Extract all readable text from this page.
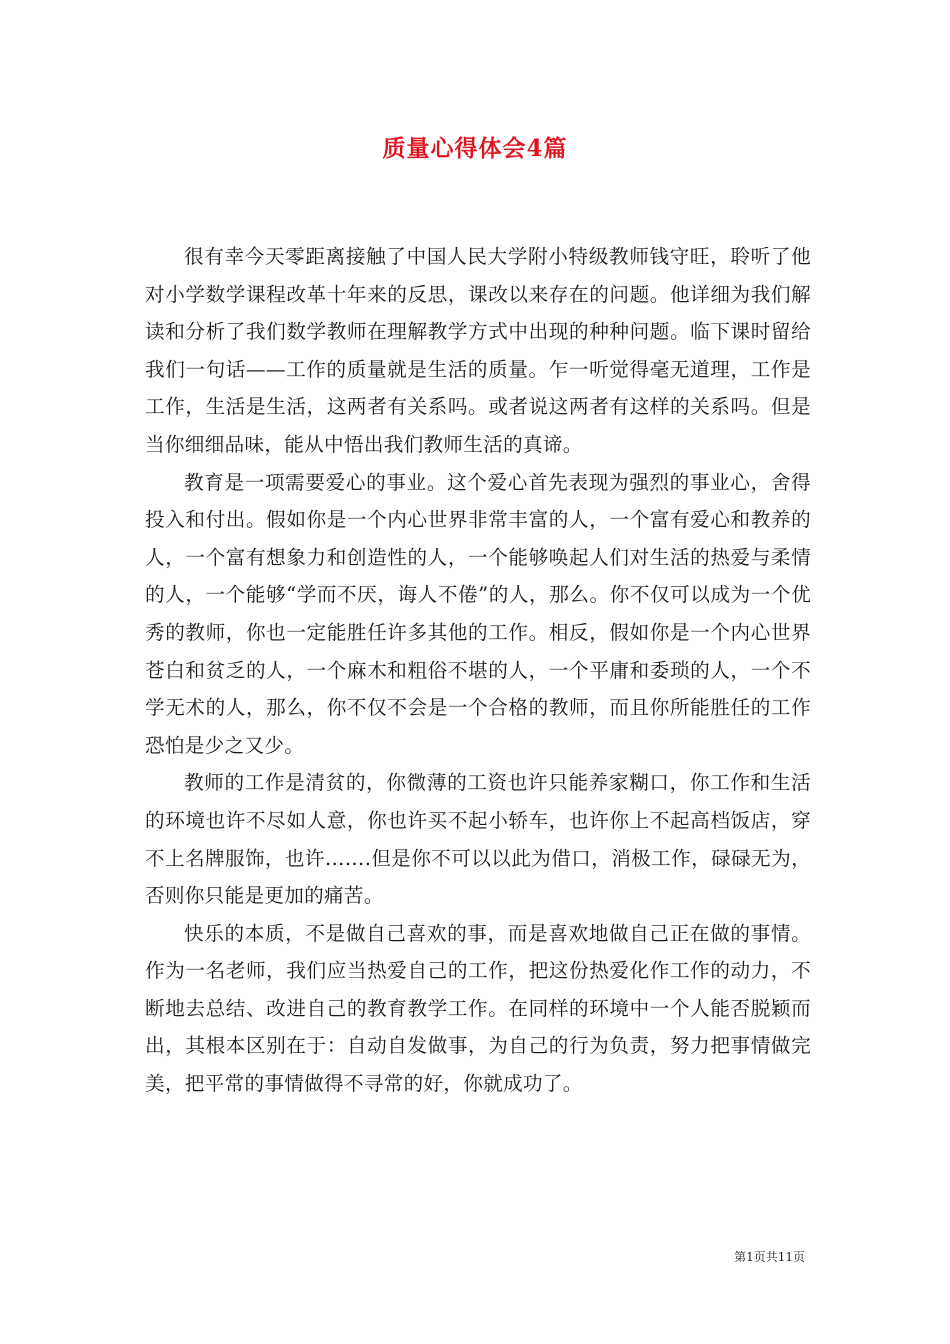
质量心得体会4篇

很有幸今天零距离接触了中国人民大学附小特级教师钱守旺，聆听了他对小学数学课程改革十年来的反思，课改以来存在的问题。他详细为我们解读和分析了我们数学教师在理解教学方式中出现的种种问题。临下课时留给我们一句话——工作的质量就是生活的质量。乍一听觉得毫无道理，工作是工作，生活是生活，这两者有关系吗。或者说这两者有这样的关系吗。但是当你细细品味，能从中悟出我们教师生活的真谛。

教育是一项需要爱心的事业。这个爱心首先表现为强烈的事业心，舍得投入和付出。假如你是一个内心世界非常丰富的人，一个富有爱心和教养的人，一个富有想象力和创造性的人，一个能够唤起人们对生活的热爱与柔情的人，一个能够“学而不厌，诲人不倦”的人，那么。你不仅可以成为一个优秀的教师，你也一定能胜任许多其他的工作。相反，假如你是一个内心世界苍白和贫乏的人，一个麻木和粗俗不堪的人，一个平庸和委琐的人，一个不学无术的人，那么，你不仅不会是一个合格的教师，而且你所能胜任的工作恐怕是少之又少。

教师的工作是清贫的，你微薄的工资也许只能养家糊口，你工作和生活的环境也许不尽如人意，你也许买不起小轿车，也许你上不起高档饭店，穿不上名牌服饰，也许…….但是你不可以以此为借口，消极工作，碌碌无为，否则你只能是更加的痛苦。

快乐的本质，不是做自己喜欢的事，而是喜欢地做自己正在做的事情。作为一名老师，我们应当热爱自己的工作，把这份热爱化作工作的动力，不断地去总结、改进自己的教育教学工作。在同样的环境中一个人能否脱颖而出，其根本区别在于：自动自发做事，为自己的行为负责，努力把事情做完美，把平常的事情做得不寻常的好，你就成功了。

第1页共11页
